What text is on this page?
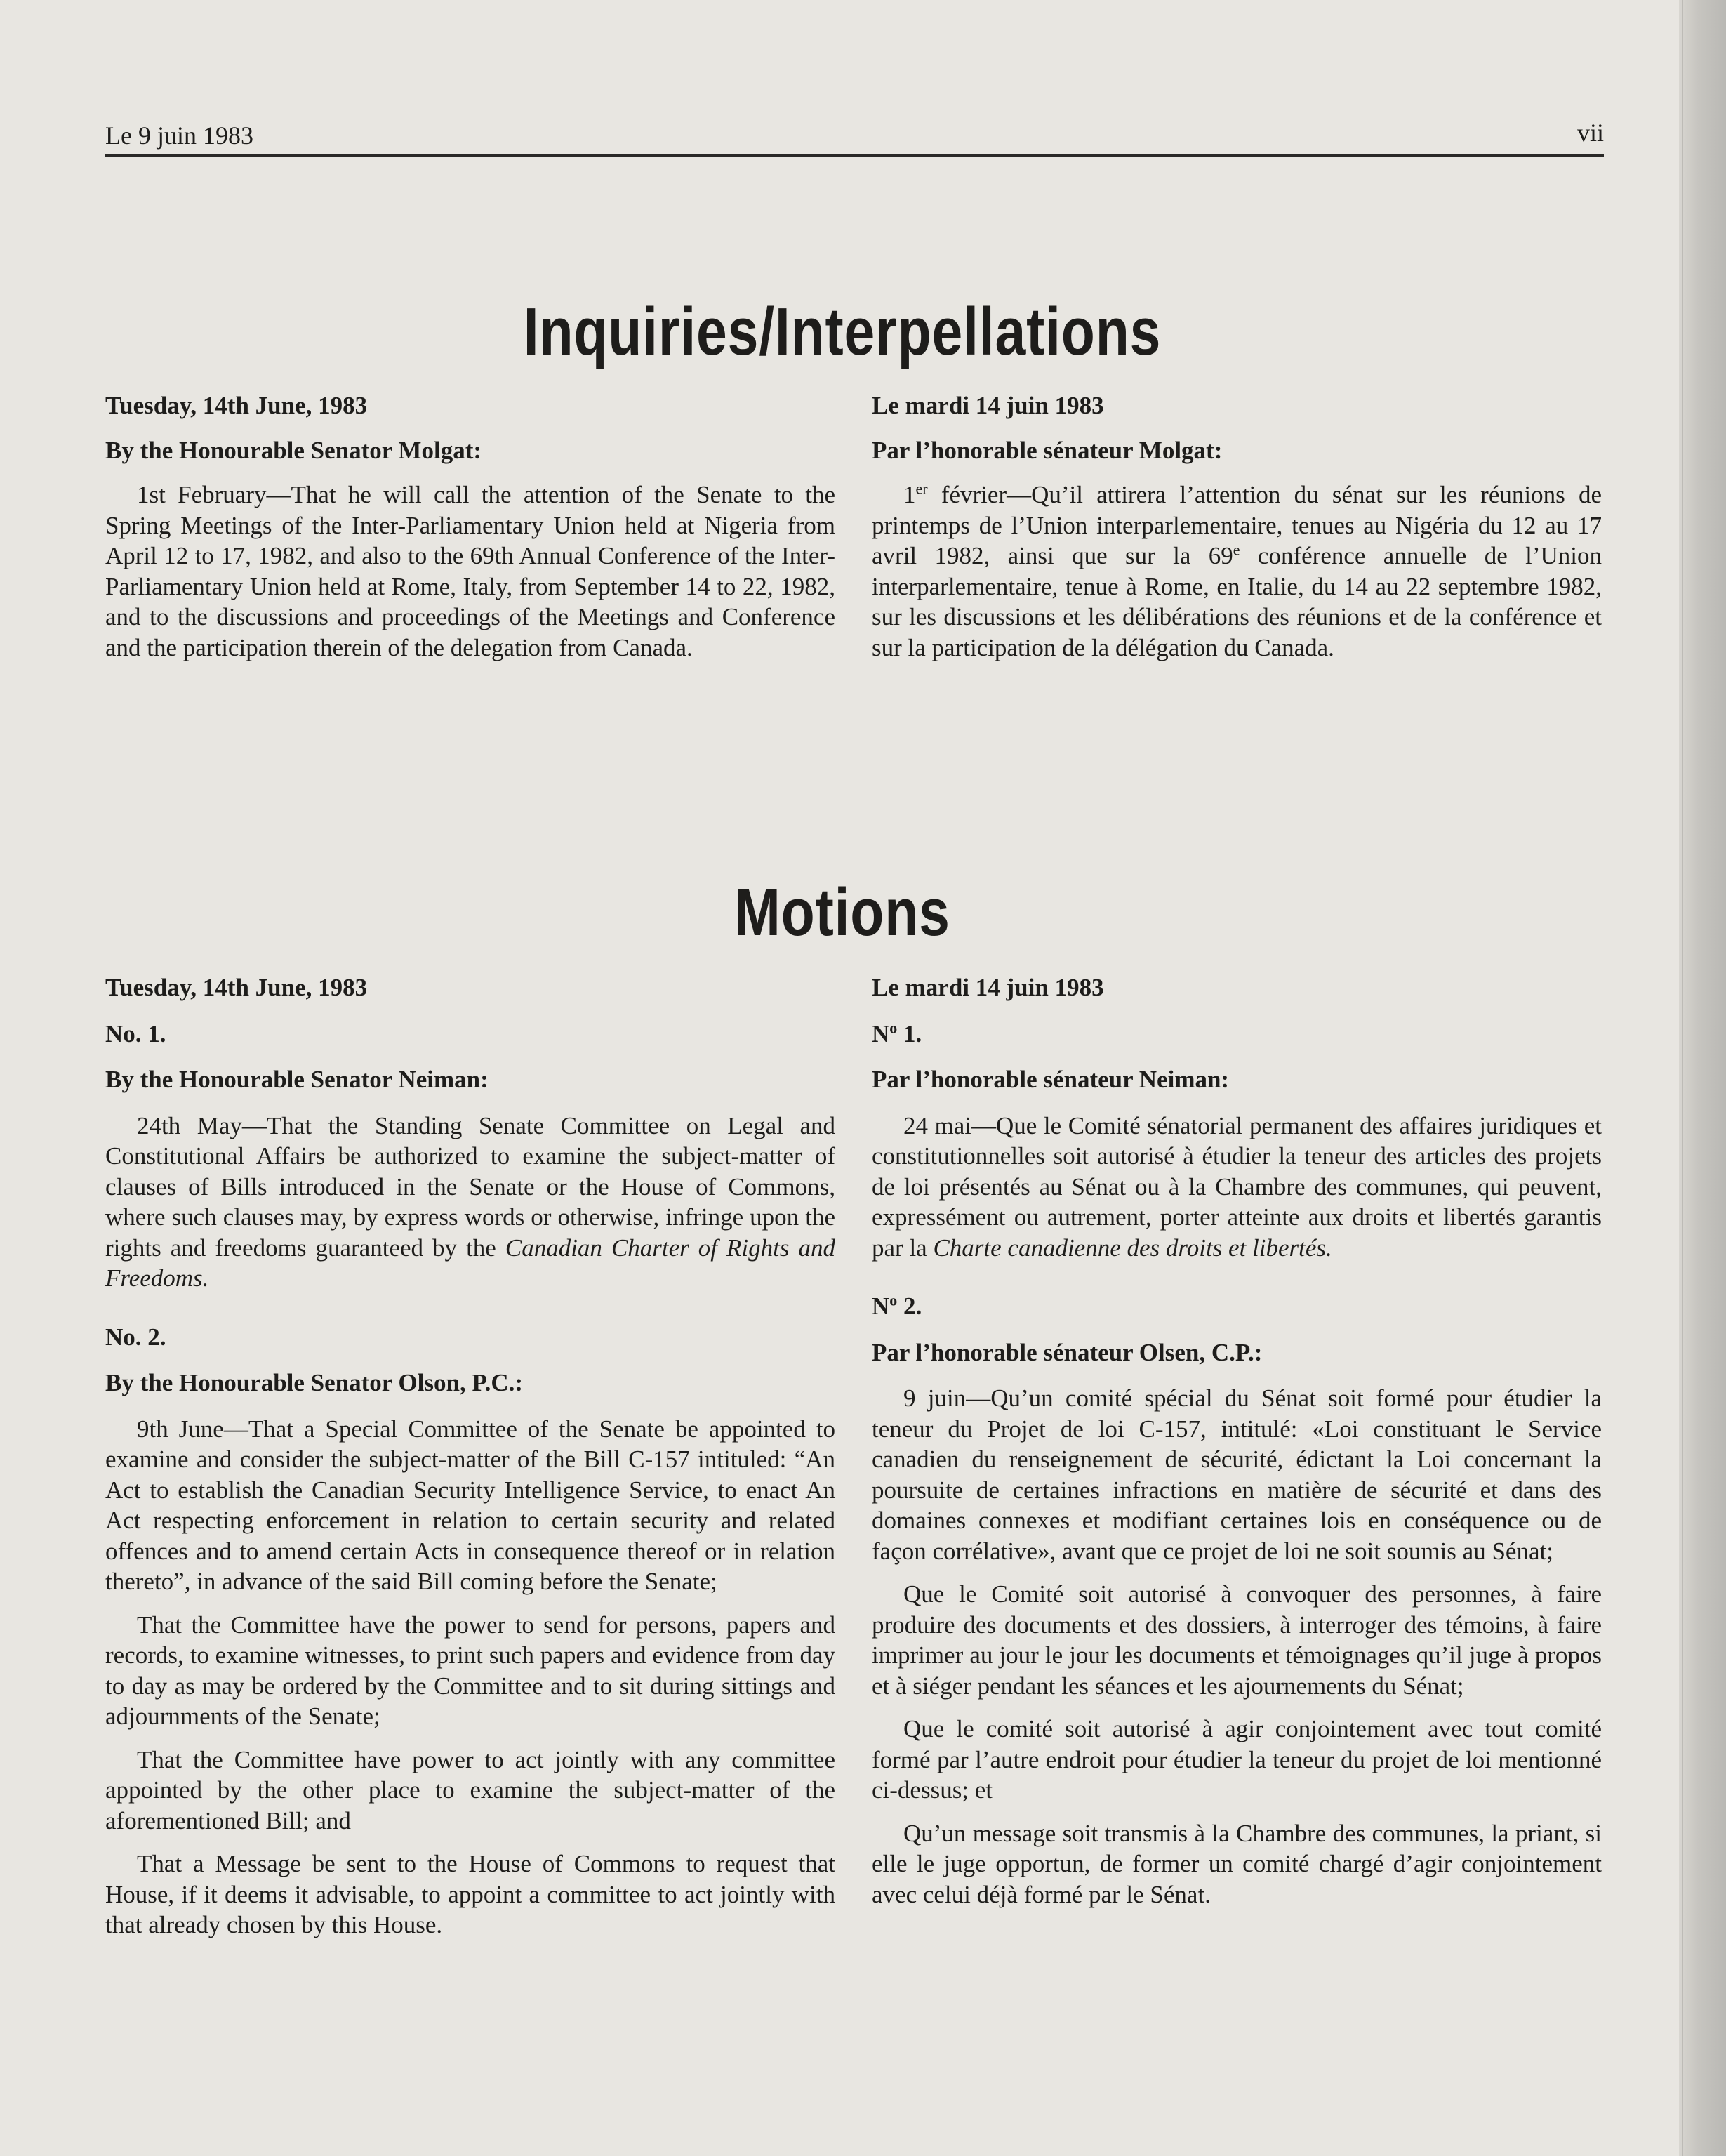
Le 9 juin 1983	vii
Inquiries/Interpellations
Tuesday, 14th June, 1983
By the Honourable Senator Molgat:

1st February—That he will call the attention of the Senate to the Spring Meetings of the Inter-Parliamentary Union held at Nigeria from April 12 to 17, 1982, and also to the 69th Annual Conference of the Inter-Parliamentary Union held at Rome, Italy, from September 14 to 22, 1982, and to the discussions and proceedings of the Meetings and Conference and the participation therein of the delegation from Canada.

Le mardi 14 juin 1983
Par l’honorable sénateur Molgat:

1er février—Qu’il attirera l’attention du sénat sur les réunions de printemps de l’Union interparlementaire, tenues au Nigéria du 12 au 17 avril 1982, ainsi que sur la 69e conférence annuelle de l’Union interparlementaire, tenue à Rome, en Italie, du 14 au 22 septembre 1982, sur les discussions et les délibérations des réunions et de la conférence et sur la participation de la délégation du Canada.

Motions
Tuesday, 14th June, 1983
No. 1.
By the Honourable Senator Neiman:

24th May—That the Standing Senate Committee on Legal and Constitutional Affairs be authorized to examine the subject-matter of clauses of Bills introduced in the Senate or the House of Commons, where such clauses may, by express words or otherwise, infringe upon the rights and freedoms guaranteed by the Canadian Charter of Rights and Freedoms.

No. 2.
By the Honourable Senator Olson, P.C.:

9th June—That a Special Committee of the Senate be appointed to examine and consider the subject-matter of the Bill C-157 intituled: “An Act to establish the Canadian Security Intelligence Service, to enact An Act respecting enforcement in relation to certain security and related offences and to amend certain Acts in consequence thereof or in relation thereto”, in advance of the said Bill coming before the Senate;

That the Committee have the power to send for persons, papers and records, to examine witnesses, to print such papers and evidence from day to day as may be ordered by the Committee and to sit during sittings and adjournments of the Senate;

That the Committee have power to act jointly with any committee appointed by the other place to examine the subject-matter of the aforementioned Bill; and

That a Message be sent to the House of Commons to request that House, if it deems it advisable, to appoint a committee to act jointly with that already chosen by this House.

Le mardi 14 juin 1983
$N^o$ 1.
Par l’honorable sénateur Neiman:

24 mai—Que le Comité sénatorial permanent des affaires juridiques et constitutionnelles soit autorisé à étudier la teneur des articles des projets de loi présentés au Sénat ou à la Chambre des communes, qui peuvent, expressément ou autrement, porter atteinte aux droits et libertés garantis par la Charte canadienne des droits et libertés.

$N^o$ 2.
Par l’honorable sénateur Olsen, C.P.:

9 juin—Qu’un comité spécial du Sénat soit formé pour étudier la teneur du Projet de loi C-157, intitulé: «Loi constituant le Service canadien du renseignement de sécurité, édictant la Loi concernant la poursuite de certaines infractions en matière de sécurité et dans des domaines connexes et modifiant certaines lois en conséquence ou de façon corrélative», avant que ce projet de loi ne soit soumis au Sénat;

Que le Comité soit autorisé à convoquer des personnes, à faire produire des documents et des dossiers, à interroger des témoins, à faire imprimer au jour le jour les documents et témoignages qu’il juge à propos et à siéger pendant les séances et les ajournements du Sénat;

Que le comité soit autorisé à agir conjointement avec tout comité formé par l’autre endroit pour étudier la teneur du projet de loi mentionné ci-dessus; et

Qu’un message soit transmis à la Chambre des communes, la priant, si elle le juge opportun, de former un comité chargé d’agir conjointement avec celui déjà formé par le Sénat.
